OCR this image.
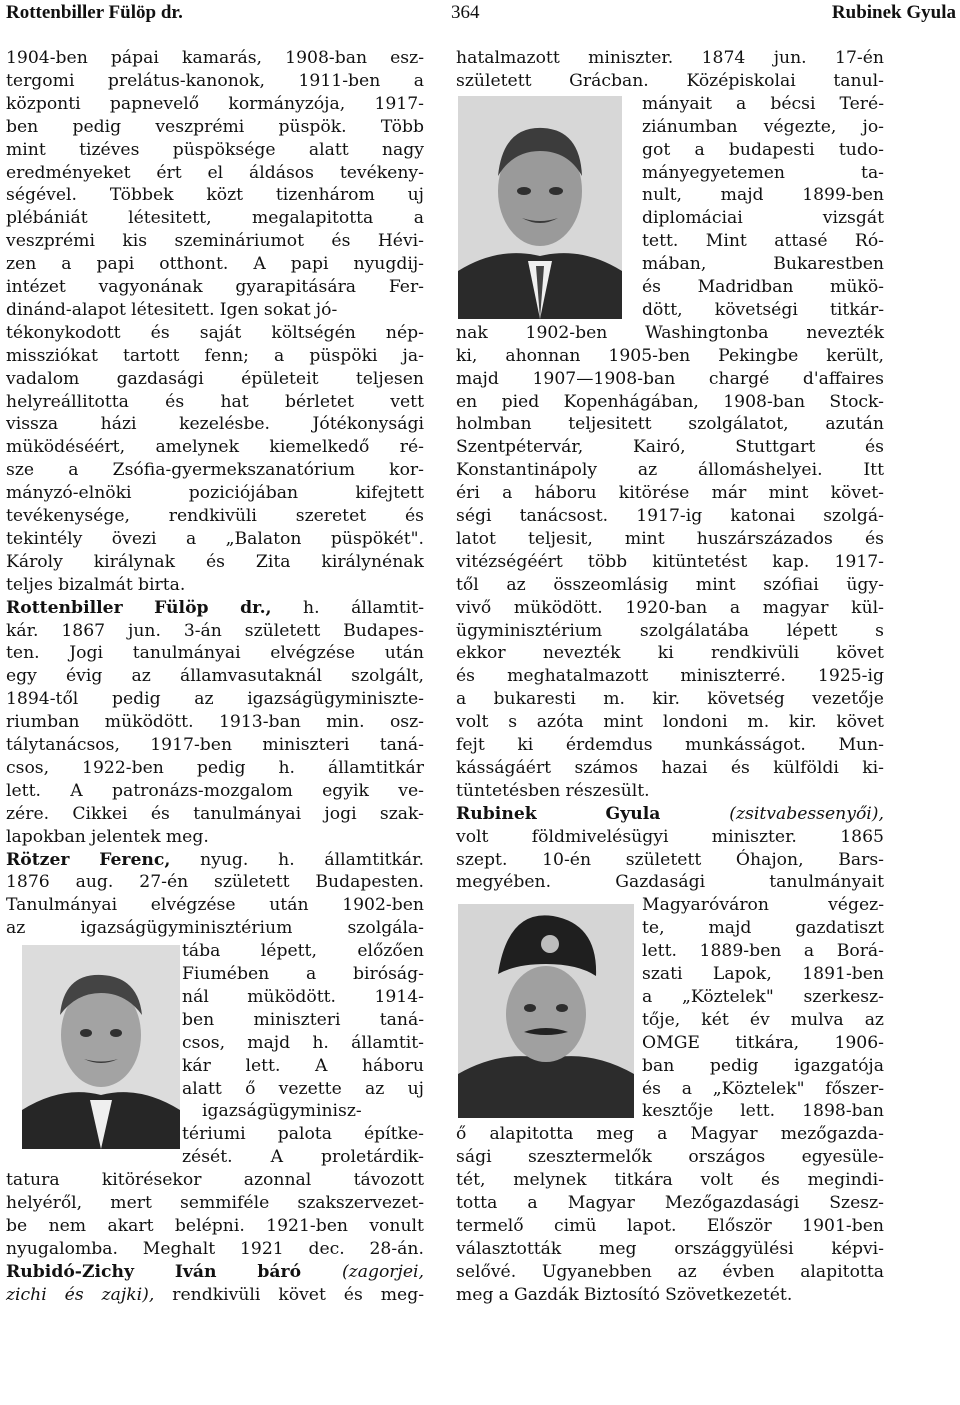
Rottenbiller Fülöp dr.	364	Rubinek Gyula
1904-ben pápai kamarás, 1908-ban esz-
tergomi prelátus-kanonok, 1911-ben a
központi papnevelő kormányzója, 1917-
ben pedig veszprémi püspök. Több
mint tizéves püspöksége alatt nagy
eredményeket ért el áldásos tevékeny-
ségével. Többek közt tizenhárom uj
plébániát létesitett, megalapitotta a
veszprémi kis szemináriumot és Hévi-
zen a papi otthont. A papi nyugdij-
intézet vagyonának gyarapitására Fer-
dinánd-alapot létesitett. Igen sokat jó-
tékonykodott és saját költségén nép-
missziókat tartott fenn; a püspöki ja-
vadalom gazdasági épületeit teljesen
helyreállitotta és hat bérletet vett
vissza házi kezelésbe. Jótékonysági
müködéséért, amelynek kiemelkedő ré-
sze a Zsófia-gyermekszanatórium kor-
mányzó-elnöki	poziciójában	kifejtett
tevékenysége, rendkivüli szeretet és
tekintély övezi a „Balaton püspökét".
Károly királynak és Zita királynénak
teljes bizalmát birta.
Rottenbiller Fülöp dr., h. államtit-
kár. 1867 jun. 3-án született Budapes-
ten. Jogi tanulmányai elvégzése után
egy évig az államvasutaknál szolgált,
1894-től pedig az igazságügyminiszte-
riumban müködött. 1913-ban min. osz-
tálytanácsos, 1917-ben miniszteri taná-
csos, 1922-ben pedig h. államtitkár
lett. A patronázs-mozgalom egyik ve-
zére. Cikkei és tanulmányai jogi szak-
lapokban jelentek meg.
Rötzer Ferenc, nyug. h. államtitkár.
1876 aug. 27-én született Budapesten.
Tanulmányai elvégzése után 1902-ben
az	igazságügyminisztérium	szolgála-
tába lépett, előzően
Fiumében a biróság-
nál müködött. 1914-
ben miniszteri taná-
csos, majd h. államtit-
kár lett. A háboru
alatt ő vezette az uj
igazságügyminisz-
tériumi palota építke-
zését. A proletárdik-
tatura kitörésekor azonnal távozott
helyéről, mert semmiféle szakszervezet-
be nem akart belépni. 1921-ben vonult
nyugalomba. Meghalt 1921 dec. 28-án.
Rubidó-Zichy Iván báró (zagorjei,
zichi és zajki), rendkivüli követ és meg-
hatalmazott miniszter. 1874 jun. 17-én
született Grácban. Középiskolai tanul-
mányait a bécsi Teré-
ziánumban végezte, jo-
got a budapesti tudo-
mányegyetemen	ta-
nult, majd 1899-ben
diplomáciai	vizsgát
tett. Mint attasé Ró-
mában,	Bukarestben
és Madridban mükö-
dött, követségi titkár-
nak 1902-ben Washingtonba nevezték
ki, ahonnan 1905-ben Pekingbe került,
majd 1907—1908-ban chargé d'affaires
en pied Kopenhágában, 1908-ban Stock-
holmban teljesitett szolgálatot, azután
Szentpétervár,	Kairó,	Stuttgart	és
Konstantinápoly az állomáshelyei. Itt
éri a háboru kitörése már mint követ-
ségi tanácsost. 1917-ig katonai szolgá-
latot teljesit, mint huszárszázados és
vitézségéért több kitüntetést kap. 1917-
től az összeomlásig mint szófiai ügy-
vivő müködött. 1920-ban a magyar kül-
ügyminisztérium szolgálatába lépett s
ekkor nevezték ki rendkivüli követ
és meghatalmazott miniszterré. 1925-ig
a bukaresti m. kir. követség vezetője
volt s azóta mint londoni m. kir. követ
fejt ki érdemdus munkásságot. Mun-
kásságáért számos hazai és külföldi ki-
tüntetésben részesült.
Rubinek	Gyula	(zsitvabessenyői),
volt	földmivelésügyi	miniszter.	1865
szept. 10-én született Óhajon, Bars-
megyében.	Gazdasági	tanulmányait
Magyaróváron	végez-
te,	majd	gazdatiszt
lett. 1889-ben a Borá-
szati Lapok, 1891-ben
a „Köztelek" szerkesz-
tője, két év mulva az
OMGE titkára, 1906-
ban pedig igazgatója
és a „Köztelek" főszer-
kesztője lett. 1898-ban
ő alapitotta meg a Magyar mezőgazda-
sági szesztermelők országos egyesüle-
tét, melynek titkára volt és megindi-
totta a Magyar Mezőgazdasági Szesz-
termelő cimü lapot. Először 1901-ben
választották meg országgyülési képvi-
selővé. Ugyanebben az évben alapitotta
meg a Gazdák Biztosító Szövetkezetét.
